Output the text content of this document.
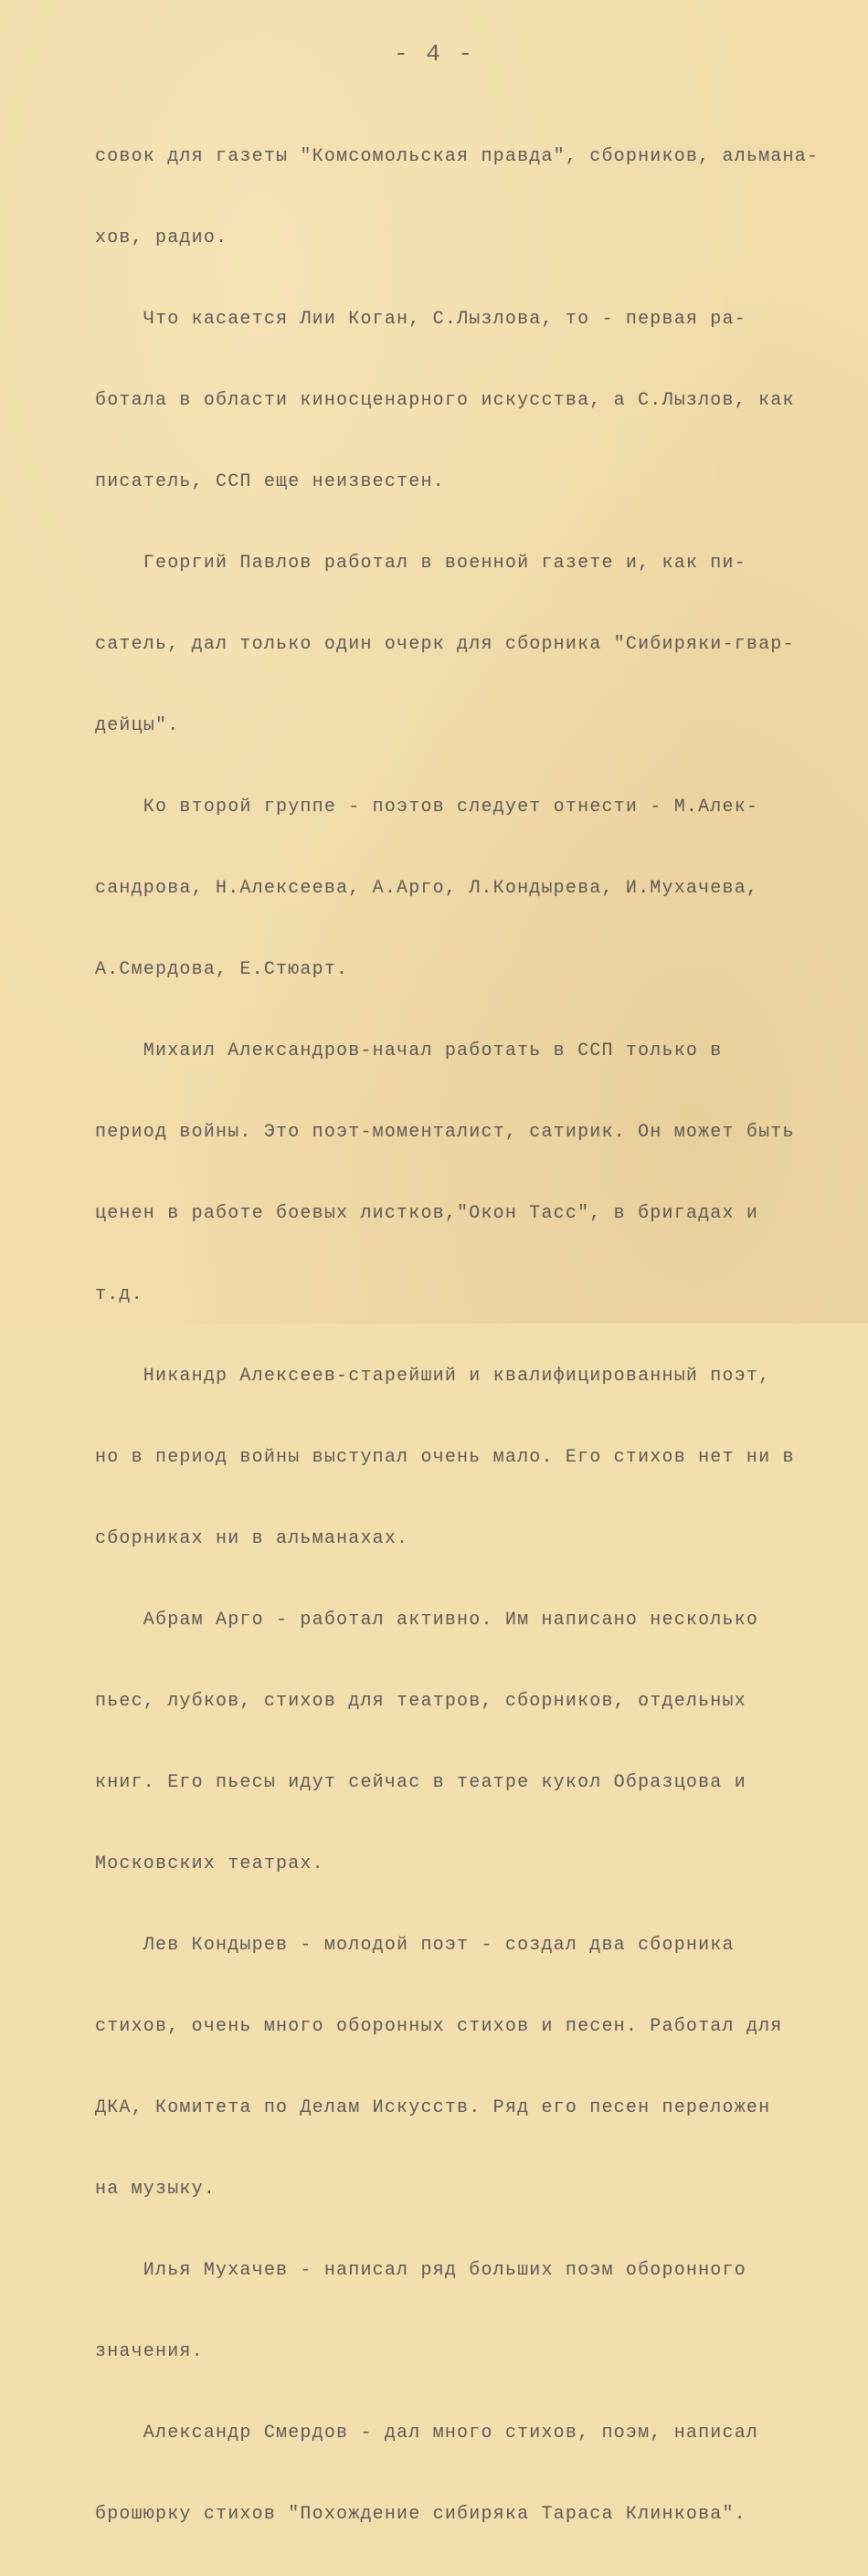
- 4 -

совок для газеты "Комсомольская правда", сборников, альмана-

хов, радио.

Что касается Лии Коган, С.Лызлова, то - первая ра-

ботала в области киносценарного искусства, а С.Лызлов, как

писатель, ССП еще неизвестен.

Георгий Павлов работал в военной газете и, как пи-

сатель, дал только один очерк для сборника "Сибиряки-гвар-

дейцы".

Ко второй группе - поэтов следует отнести - М.Алек-

сандрова, Н.Алексеева, А.Арго, Л.Кондырева, И.Мухачева,

А.Смердова, Е.Стюарт.

Михаил Александров-начал работать в ССП только в

период войны. Это поэт-моменталист, сатирик. Он может быть

ценен в работе боевых листков,"Окон Тасс", в бригадах и

т.д.

Никандр Алексеев-старейший и квалифицированный поэт,

но в период войны выступал очень мало. Его стихов нет ни в

сборниках ни в альманахах.

Абрам Арго - работал активно. Им написано несколько

пьес, лубков, стихов для театров, сборников, отдельных

книг. Его пьесы идут сейчас в театре кукол Образцова и

Московских театрах.

Лев Кондырев - молодой поэт - создал два сборника

стихов, очень много оборонных стихов и песен. Работал для

ДКА, Комитета по Делам Искусств. Ряд его песен переложен

на музыку.

Илья Мухачев - написал ряд больших поэм оборонного

значения.

Александр Смердов - дал много стихов, поэм, написал

брошюрку стихов "Похождение сибиряка Тараса Клинкова".
